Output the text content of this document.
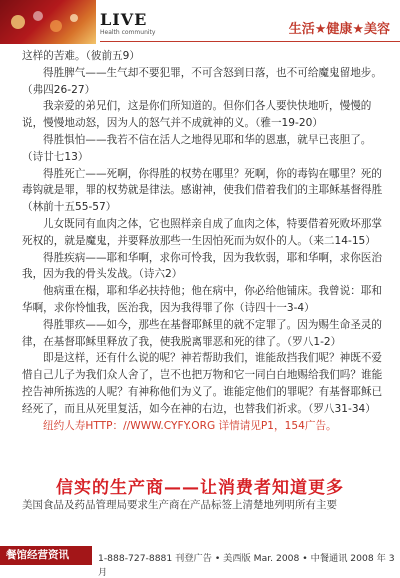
LIVE
Health community	生活★健康★美容

这样的苦难。（彼前五9）

得胜脾气——生气却不要犯罪，不可含怒到日落，也不可给魔鬼留地步。（弗四26-27）

我亲爱的弟兄们，这是你们所知道的。但你们各人要快快地听，慢慢的说，慢慢地动怒，因为人的怒气并不成就神的义。（雅一19-20）

得胜惧怕——我若不信在活人之地得见耶和华的恩惠，就早已丧胆了。（诗廿七13）

得胜死亡——死啊，你得胜的权势在哪里？死啊，你的毒钩在哪里？死的毒钩就是罪，罪的权势就是律法。感谢神，使我们借着我们的主耶稣基督得胜（林前十五55-57）

儿女既同有血肉之体，它也照样亲自成了血肉之体，特要借着死败坏那掌死权的，就是魔鬼，并要释放那些一生因怕死而为奴仆的人。（来二14-15）

得胜疾病——耶和华啊，求你可怜我，因为我软弱，耶和华啊，求你医治我，因为我的骨头发战。（诗六2）

他病重在榻，耶和华必扶持他；他在病中，你必给他铺床。我曾说：耶和华啊，求你怜恤我，医治我，因为我得罪了你（诗四十一3-4）

得胜罪疚——如今，那些在基督耶稣里的就不定罪了。因为赐生命圣灵的律，在基督耶稣里释放了我，使我脱离罪恶和死的律了。（罗八1-2）

即是这样，还有什么说的呢？神若帮助我们，谁能敌挡我们呢？神既不爱惜自己儿子为我们众人舍了，岂不也把万物和它一同白白地赐给我们吗？谁能控告神所拣选的人呢？有神称他们为义了。谁能定他们的罪呢？有基督耶稣已经死了，而且从死里复活，如今在神的右边，也替我们祈求。（罗八31-34）

纽约人寿HTTP：//WWW.CYFY.ORG 详情请见P1，154广告。

信实的生产商——让消费者知道更多
美国食品及药品管理局要求生产商在产品标签上清楚地列明所有主要
餐馆经营资讯	1-888-727-8881 刊登广告 • 美西版 Mar. 2008 • 中餐通讯 2008 年 3 月
